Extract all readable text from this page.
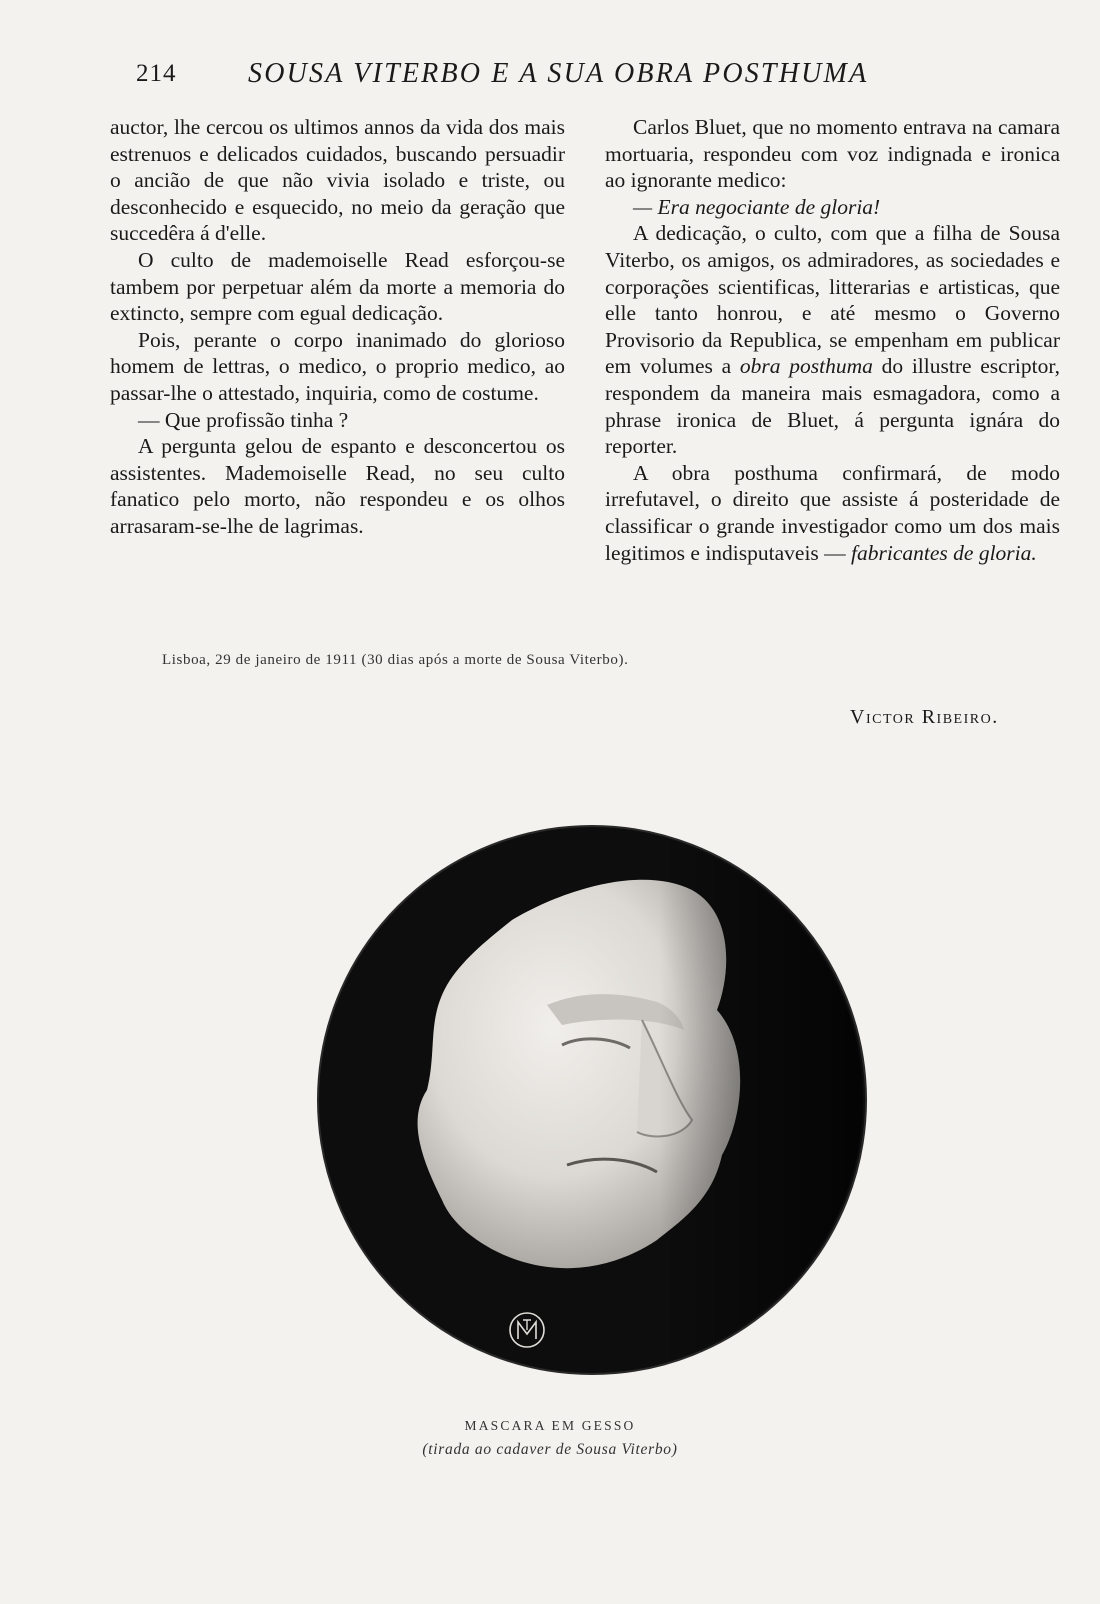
214	SOUSA VITERBO E A SUA OBRA POSTHUMA

auctor, lhe cercou os ultimos annos da vida dos mais estrenuos e delicados cuidados, buscando persuadir o ancião de que não vivia isolado e triste, ou desconhecido e esquecido, no meio da geração que succedêra á d'elle.

O culto de mademoiselle Read esforçou-se tambem por perpetuar além da morte a memoria do extincto, sempre com egual dedicação.

Pois, perante o corpo inanimado do glorioso homem de lettras, o medico, o proprio medico, ao passar-lhe o attestado, inquiria, como de costume.

— Que profissão tinha ?

A pergunta gelou de espanto e desconcertou os assistentes. Mademoiselle Read, no seu culto fanatico pelo morto, não respondeu e os olhos arrasaram-se-lhe de lagrimas.

Carlos Bluet, que no momento entrava na camara mortuaria, respondeu com voz indignada e ironica ao ignorante medico:

— Era negociante de gloria!

A dedicação, o culto, com que a filha de Sousa Viterbo, os amigos, os admiradores, as sociedades e corporações scientificas, litterarias e artisticas, que elle tanto honrou, e até mesmo o Governo Provisorio da Republica, se empenham em publicar em volumes a obra posthuma do illustre escriptor, respondem da maneira mais esmagadora, como a phrase ironica de Bluet, á pergunta ignára do reporter.

A obra posthuma confirmará, de modo irrefutavel, o direito que assiste á posteridade de classificar o grande investigador como um dos mais legitimos e indisputaveis — fabricantes de gloria.

Lisboa, 29 de janeiro de 1911 (30 dias após a morte de Sousa Viterbo).
Victor Ribeiro.
MASCARA EM GESSO
(tirada ao cadaver de Sousa Viterbo)
